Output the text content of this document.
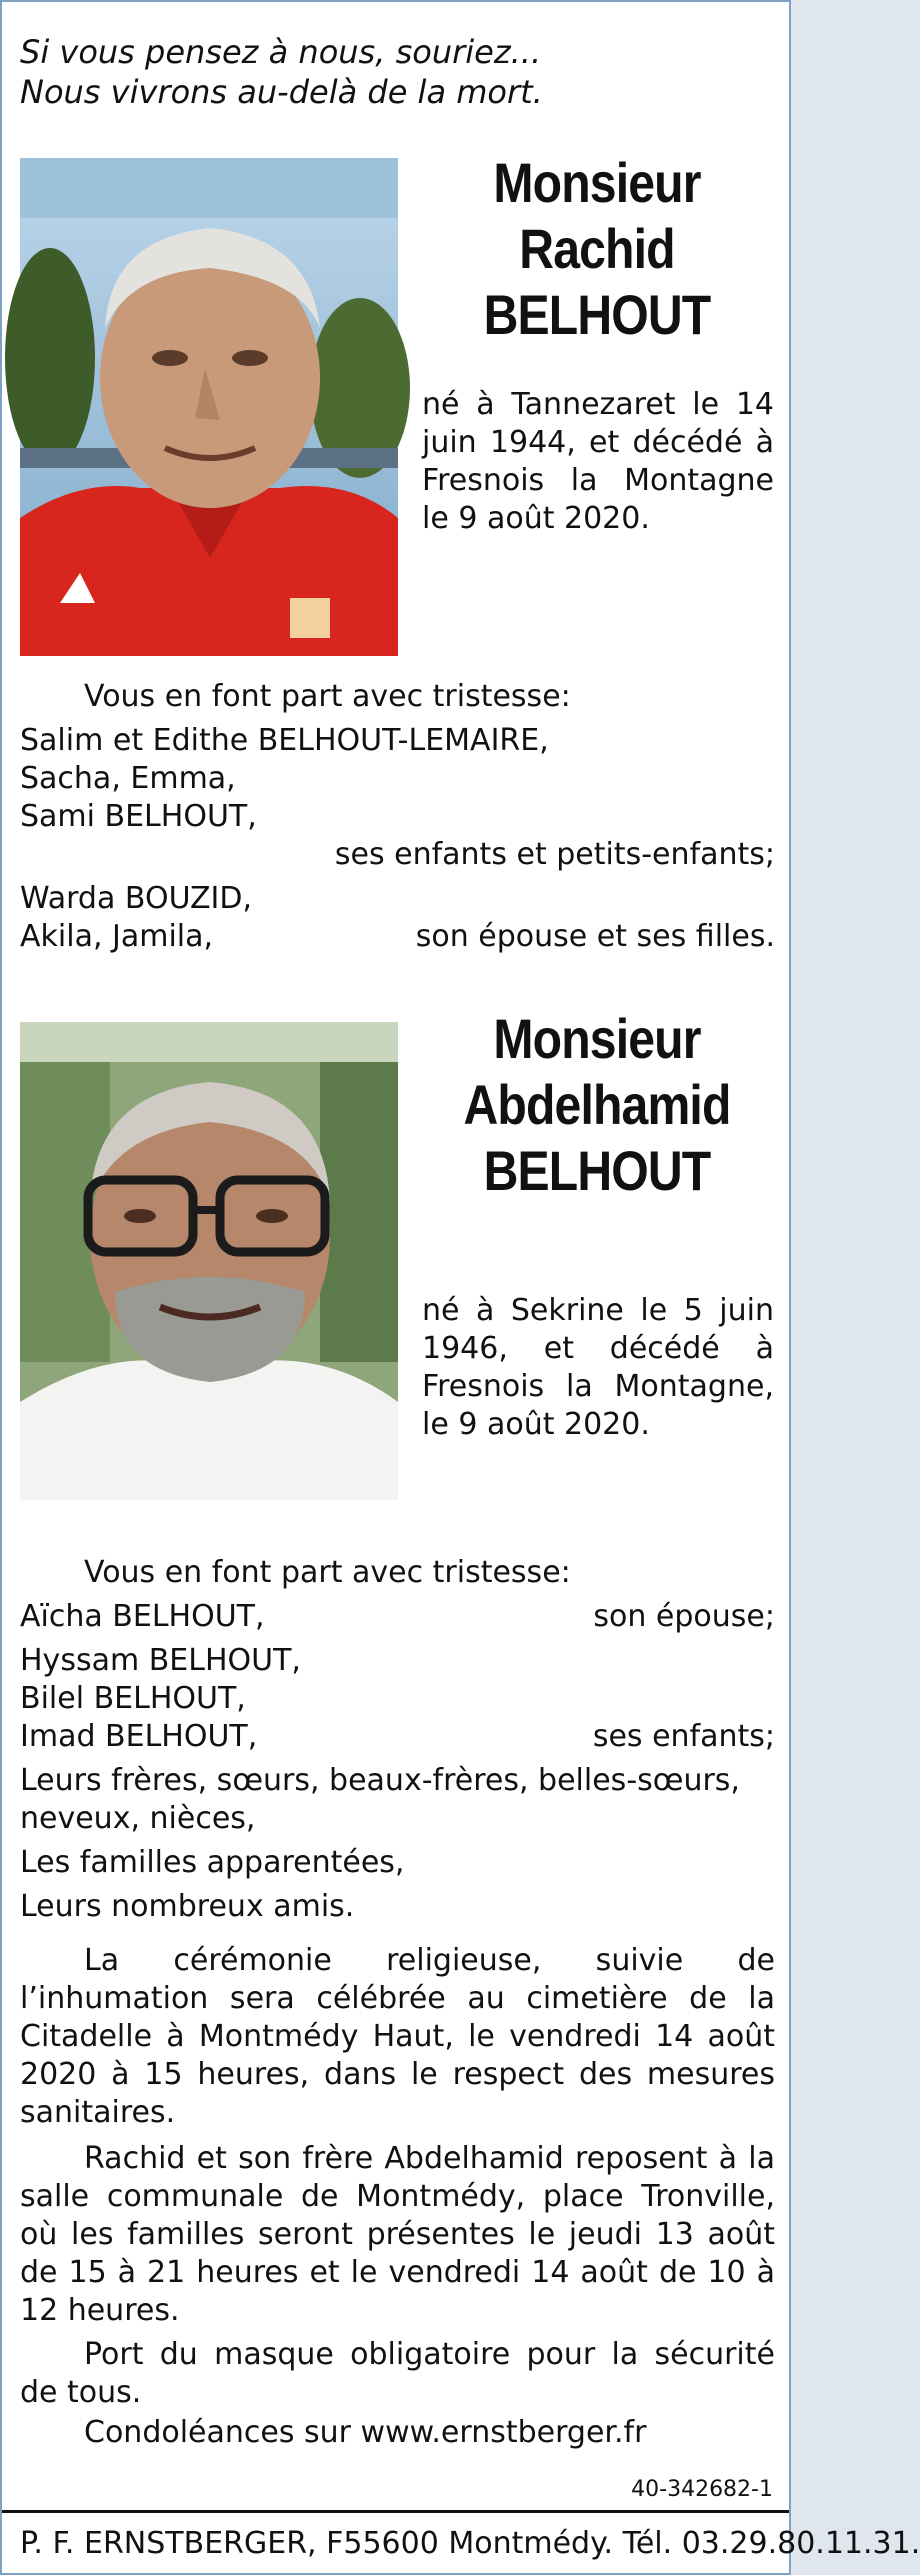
Si vous pensez à nous, souriez...
Nous vivrons au-delà de la mort.
Monsieur
Rachid
BELHOUT
né à Tannezaret le 14 juin 1944, et décédé à Fresnois la Montagne le 9 août 2020.
Vous en font part avec tristesse:
Salim et Edithe BELHOUT-LEMAIRE,
Sacha, Emma,
Sami BELHOUT,
ses enfants et petits-enfants;
Warda BOUZID,
Akila, Jamila,	son épouse et ses filles.
Monsieur
Abdelhamid
BELHOUT
né à Sekrine le 5 juin 1946, et décédé à Fresnois la Montagne, le 9 août 2020.
Vous en font part avec tristesse:
Aïcha BELHOUT,	son épouse;
Hyssam BELHOUT,
Bilel BELHOUT,
Imad BELHOUT,	ses enfants;
Leurs frères, sœurs, beaux-frères, belles-sœurs, neveux, nièces,
Les familles apparentées,
Leurs nombreux amis.
La cérémonie religieuse, suivie de l’inhumation sera célébrée au cimetière de la Citadelle à Montmédy Haut, le vendredi 14 août 2020 à 15 heures, dans le respect des mesures sanitaires.
Rachid et son frère Abdelhamid reposent à la salle communale de Montmédy, place Tronville, où les familles seront présentes le jeudi 13 août de 15 à 21 heures et le vendredi 14 août de 10 à 12 heures.
Port du masque obligatoire pour la sécurité de tous.
Condoléances sur www.ernstberger.fr
40-342682-1
P. F. ERNSTBERGER, F55600 Montmédy. Tél. 03.29.80.11.31.
